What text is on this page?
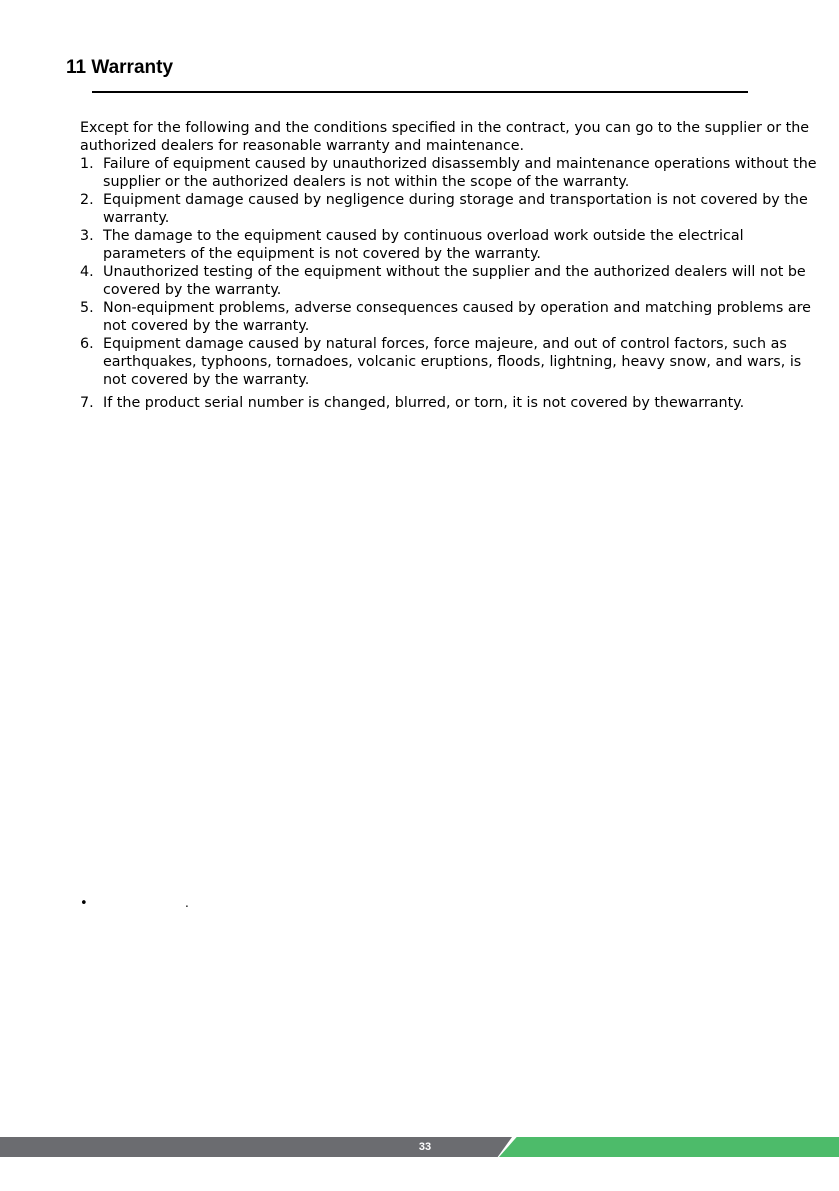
11 Warranty

Except for the following and the conditions specified in the contract, you can go to the supplier or the authorized dealers for reasonable warranty and maintenance.

1. Failure of equipment caused by unauthorized disassembly and maintenance operations without the supplier or the authorized dealers is not within the scope of the warranty.
2. Equipment damage caused by negligence during storage and transportation is not covered by the warranty.
3. The damage to the equipment caused by continuous overload work outside the electrical parameters of the equipment is not covered by the warranty.
4. Unauthorized testing of the equipment without the supplier and the authorized dealers will not be covered by the warranty.
5. Non-equipment problems, adverse consequences caused by operation and matching problems are not covered by the warranty.
6. Equipment damage caused by natural forces, force majeure, and out of control factors, such as earthquakes, typhoons, tornadoes, volcanic eruptions, floods, lightning, heavy snow, and wars, is not covered by the warranty.
7. If the product serial number is changed, blurred, or torn, it is not covered by thewarranty.
•	.
33
